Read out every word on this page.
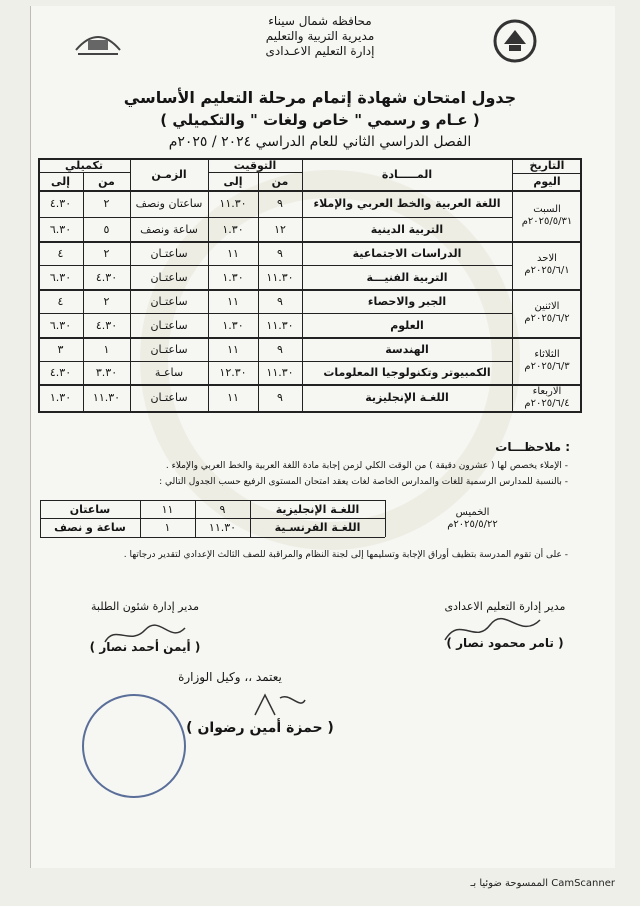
محافظه شمال سيناء
مديرية التربية والتعليم
إدارة التعليم الاعـدادى
جدول امتحان شهادة إتمام مرحلة التعليم الأساسي
( عـام و رسمي " خاص ولغات " والتكميلي )
الفصل الدراسي الثاني للعام الدراسي ٢٠٢٤ / ٢٠٢٥م
تكميلي
من
إلى
الزمـن
التوقيت
من
إلى
المـــــادة
التاريخ
اليوم
اللغة العربية والخط العربي والإملاء
٩
١١.٣٠
ساعتان ونصف
٢
٤.٣٠
التربية الدينية
١٢
١.٣٠
ساعة ونصف
٥
٦.٣٠
الدراسات الاجتماعية
٩
١١
ساعتـان
٢
٤
التربية الفنيـــة
١١.٣٠
١.٣٠
ساعتـان
٤.٣٠
٦.٣٠
الجبر والاحصاء
٩
١١
ساعتـان
٢
٤
العلوم
١١.٣٠
١.٣٠
ساعتـان
٤.٣٠
٦.٣٠
الهندسة
٩
١١
ساعتـان
١
٣
الكمبيوتر وتكنولوجيا المعلومات
١١.٣٠
١٢.٣٠
ساعـة
٣.٣٠
٤.٣٠
اللغـة الإنجليزية
٩
١١
ساعتـان
١١.٣٠
١.٣٠
السبت
٢٠٢٥/٥/٣١م
الاحد
٢٠٢٥/٦/١م
الاثنين
٢٠٢٥/٦/٢م
الثلاثاء
٢٠٢٥/٦/٣م
الاربعاء
٢٠٢٥/٦/٤م
ملاحظـــات :
- الإملاء يخصص لها ( عشرون دقيقة ) من الوقت الكلي لزمن إجابة مادة اللغة العربية والخط العربي والإملاء .
- بالنسبة للمدارس الرسمية للغات والمدارس الخاصة لغات يعقد امتحان المستوى الرفيع حسب الجدول التالي :
اللغـة الإنجليزية
٩
١١
ساعتان
اللغـة الفرنسـية
١١.٣٠
١
ساعة و نصف
الخميس
٢٠٢٥/٥/٢٢م
- على أن تقوم المدرسة بتظيف أوراق الإجابة وتسليمها إلى لجنة النظام والمراقبة للصف الثالث الإعدادي لتقدير درجاتها .
مدير إدارة التعليم الاعدادى
( تامر محمود نصار )
مدير إدارة شئون الطلبة
( أيمن أحمد نصار )
يعتمد ،، وكيل الوزارة
( حمزة أمين رضوان )
الممسوحة ضوئيا بـ CamScanner
